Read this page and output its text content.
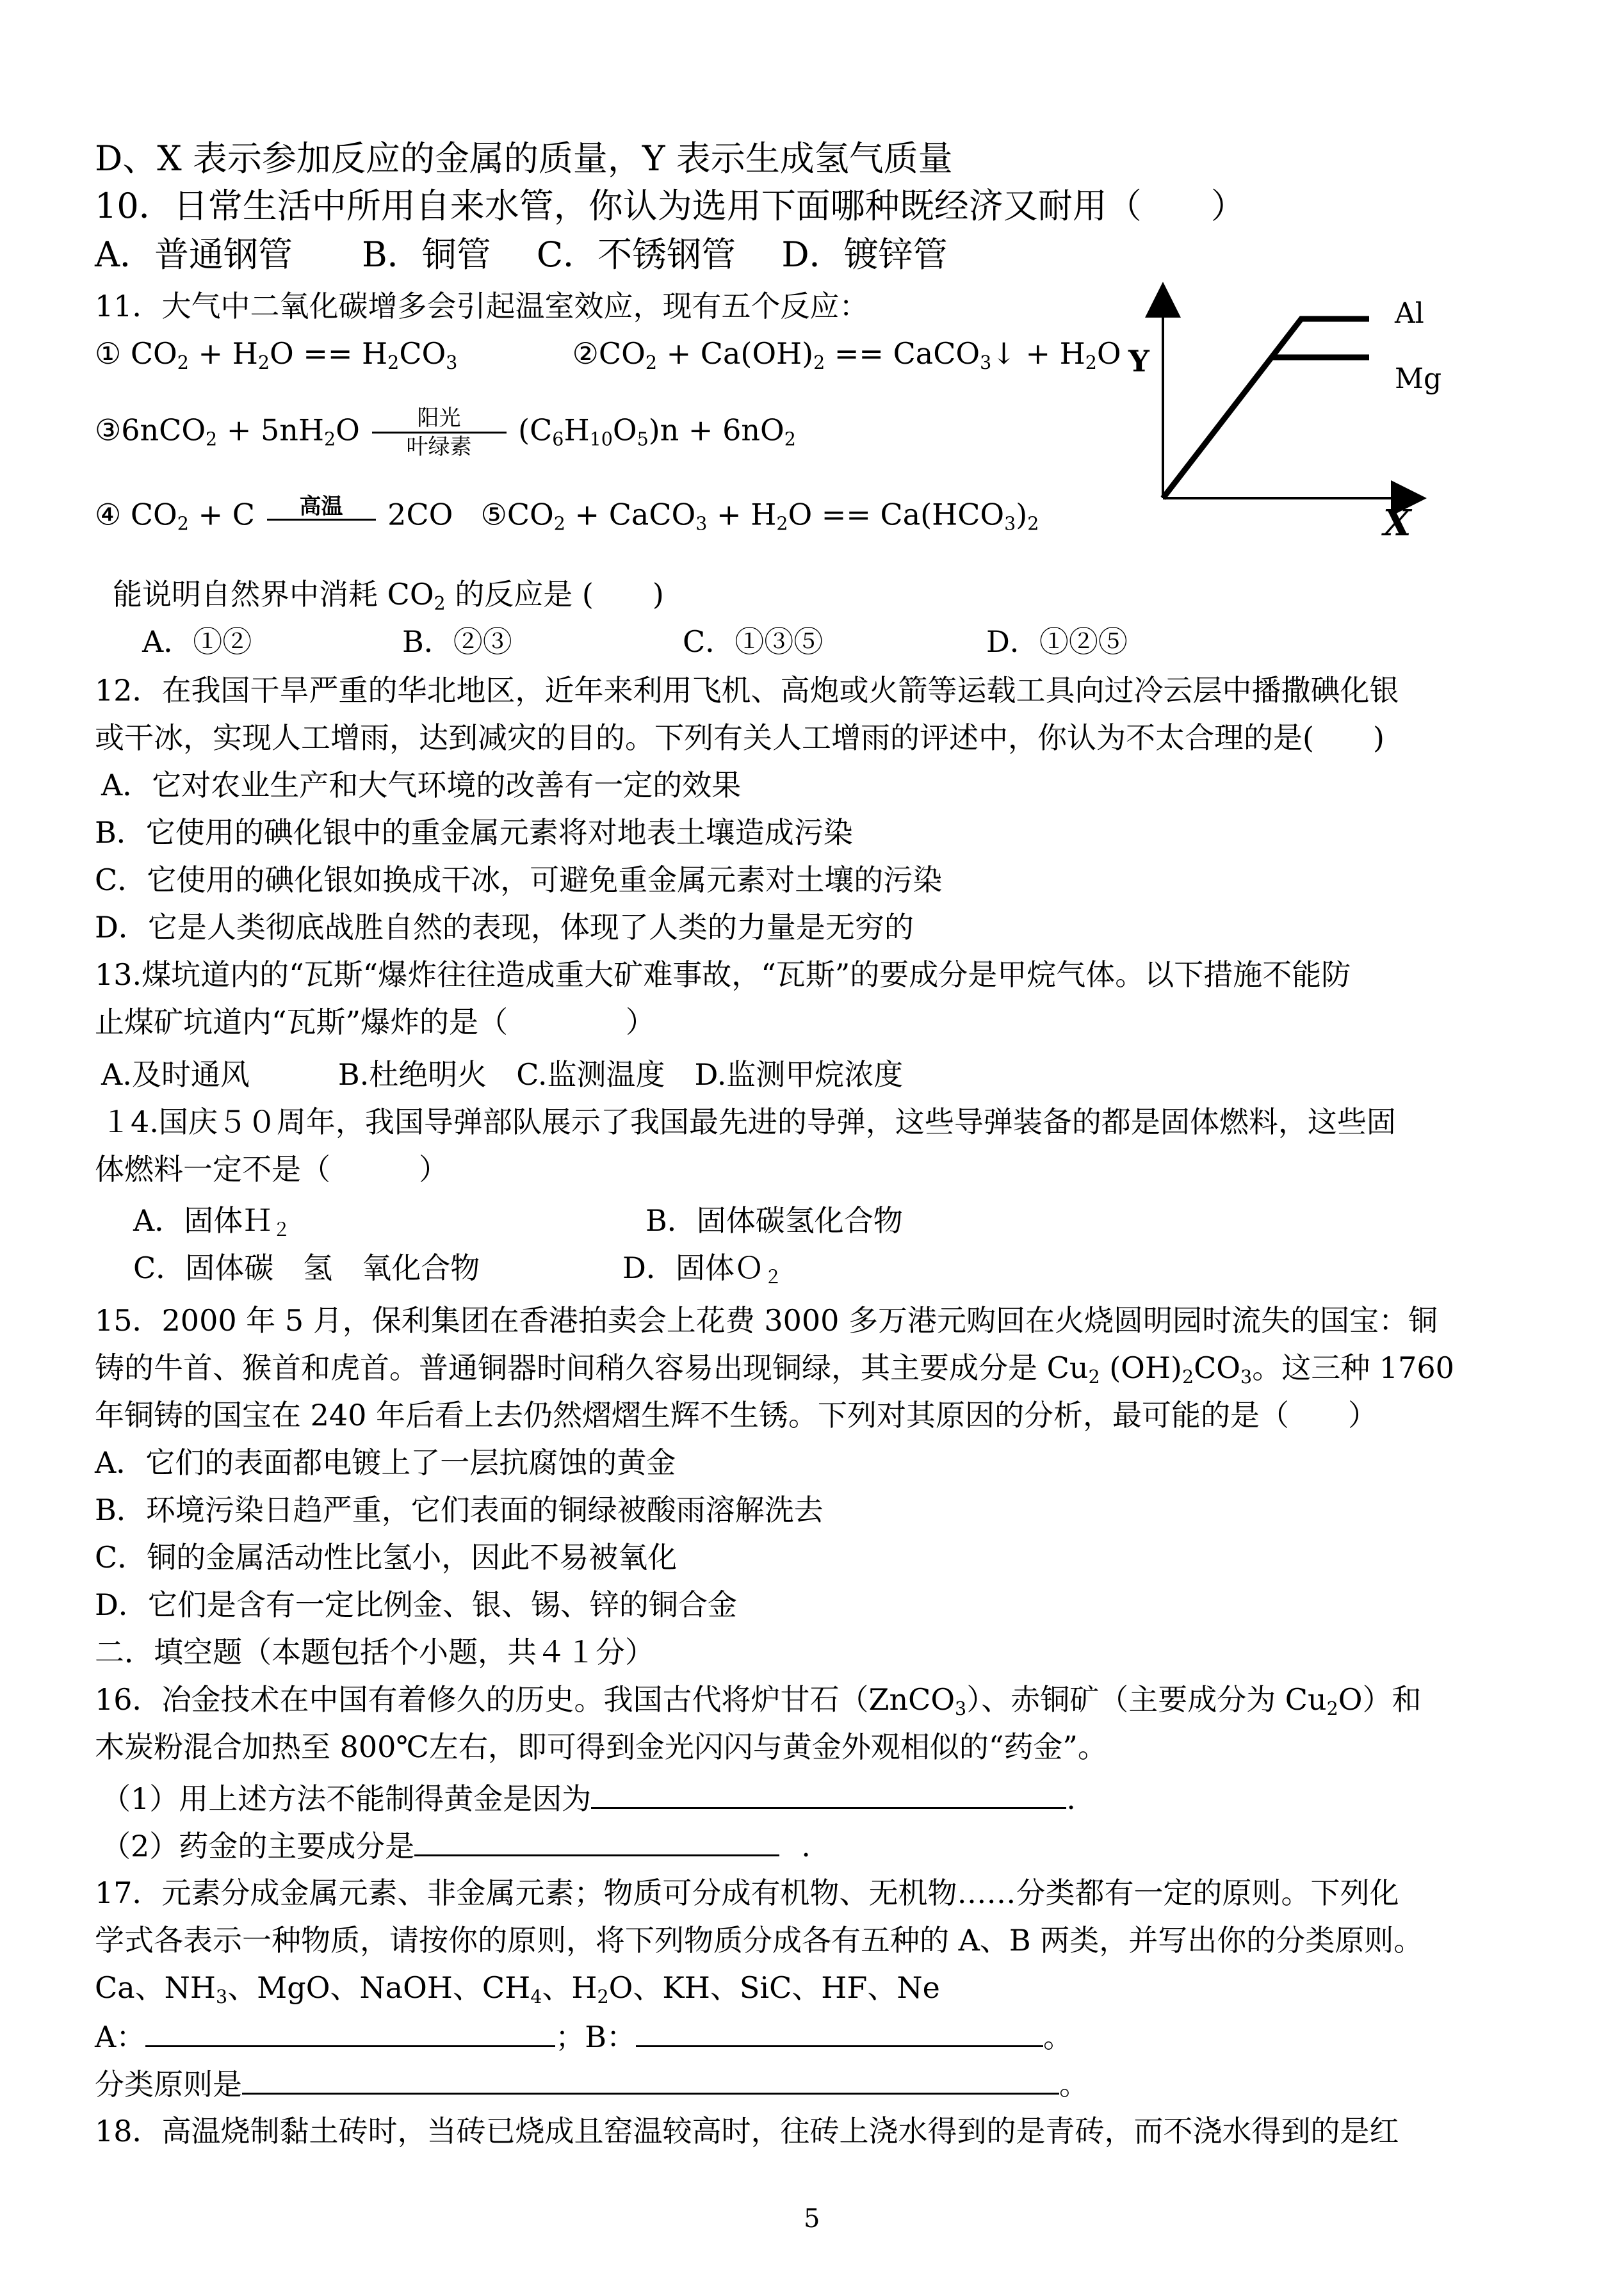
D、X 表示参加反应的金属的质量，Y 表示生成氢气质量
10．日常生活中所用自来水管，你认为选用下面哪种既经济又耐用（　　）
A．普通钢管　　B．铜管　 C．不锈钢管　 D．镀锌管
11．大气中二氧化碳增多会引起温室效应，现有五个反应：
① $CO_2 + H_2O == H_2CO_3$	$②CO_2 + Ca(OH)_2$ == CaCO$_3$↓ + $H_2O$
③6nCO$_2$ + $5nH_2O \frac{\text{阳光}}{\text{叶绿素}} (C_6H_{10}O_5)n + 6nO_2$
④ $CO_2 + C$	高温	2CO $⑤CO_2$ + CaCO$_3$ + $H_2O == Ca(HCO_3)_2$
能说明自然界中消耗 $CO_2$ 的反应是 (　　)
A．①②	B．②③	C．①③⑤	D．①②⑤
Y
X
Al
Mg
12．在我国干旱严重的华北地区，近年来利用飞机、高炮或火箭等运载工具向过冷云层中播撒碘化银
或干冰，实现人工增雨，达到减灾的目的。下列有关人工增雨的评述中，你认为不太合理的是(　　)
A．它对农业生产和大气环境的改善有一定的效果
B．它使用的碘化银中的重金属元素将对地表土壤造成污染
C．它使用的碘化银如换成干冰，可避免重金属元素对土壤的污染
D．它是人类彻底战胜自然的表现，体现了人类的力量是无穷的
13.煤坑道内的“瓦斯“爆炸往往造成重大矿难事故，“瓦斯”的要成分是甲烷气体。以下措施不能防
止煤矿坑道内“瓦斯”爆炸的是（　　　　）
A.及时通风　　　B.杜绝明火　C.监测温度　D.监测甲烷浓度
１4.国庆５０周年，我国导弹部队展示了我国最先进的导弹，这些导弹装备的都是固体燃料，这些固
体燃料一定不是（　　　）
A．固体Ｈ$_2$	B．固体碳氢化合物
C．固体碳　氢　氧化合物	D．固体Ｏ$_2$
15．2000 年 5 月，保利集团在香港拍卖会上花费 3000 多万港元购回在火烧圆明园时流失的国宝：铜
铸的牛首、猴首和虎首。普通铜器时间稍久容易出现铜绿，其主要成分是 $Cu_2$ $(OH)_2CO_3$。这三种 1760
年铜铸的国宝在 240 年后看上去仍然熠熠生辉不生锈。下列对其原因的分析，最可能的是（　　）
A．它们的表面都电镀上了一层抗腐蚀的黄金
B．环境污染日趋严重，它们表面的铜绿被酸雨溶解洗去
C．铜的金属活动性比氢小，因此不易被氧化
D．它们是含有一定比例金、银、锡、锌的铜合金
二．填空题（本题包括个小题，共４１分）
16．冶金技术在中国有着修久的历史。我国古代将炉甘石（ZnCO$_3$）、赤铜矿（主要成分为 $Cu_2O$）和
木炭粉混合加热至 800℃左右，即可得到金光闪闪与黄金外观相似的“药金”。
（1）用上述方法不能制得黄金是因为	.
（2）药金的主要成分是	.
17．元素分成金属元素、非金属元素；物质可分成有机物、无机物……分类都有一定的原则。下列化
学式各表示一种物质，请按你的原则，将下列物质分成各有五种的 A、B 两类，并写出你的分类原则。
Ca、$NH_3$、MgO、NaOH、$CH_4$、$H_2O$、KH、SiC、HF、Ne
A：	；B：	。
分类原则是	。
18．高温烧制黏土砖时，当砖已烧成且窑温较高时，往砖上浇水得到的是青砖，而不浇水得到的是红
5
